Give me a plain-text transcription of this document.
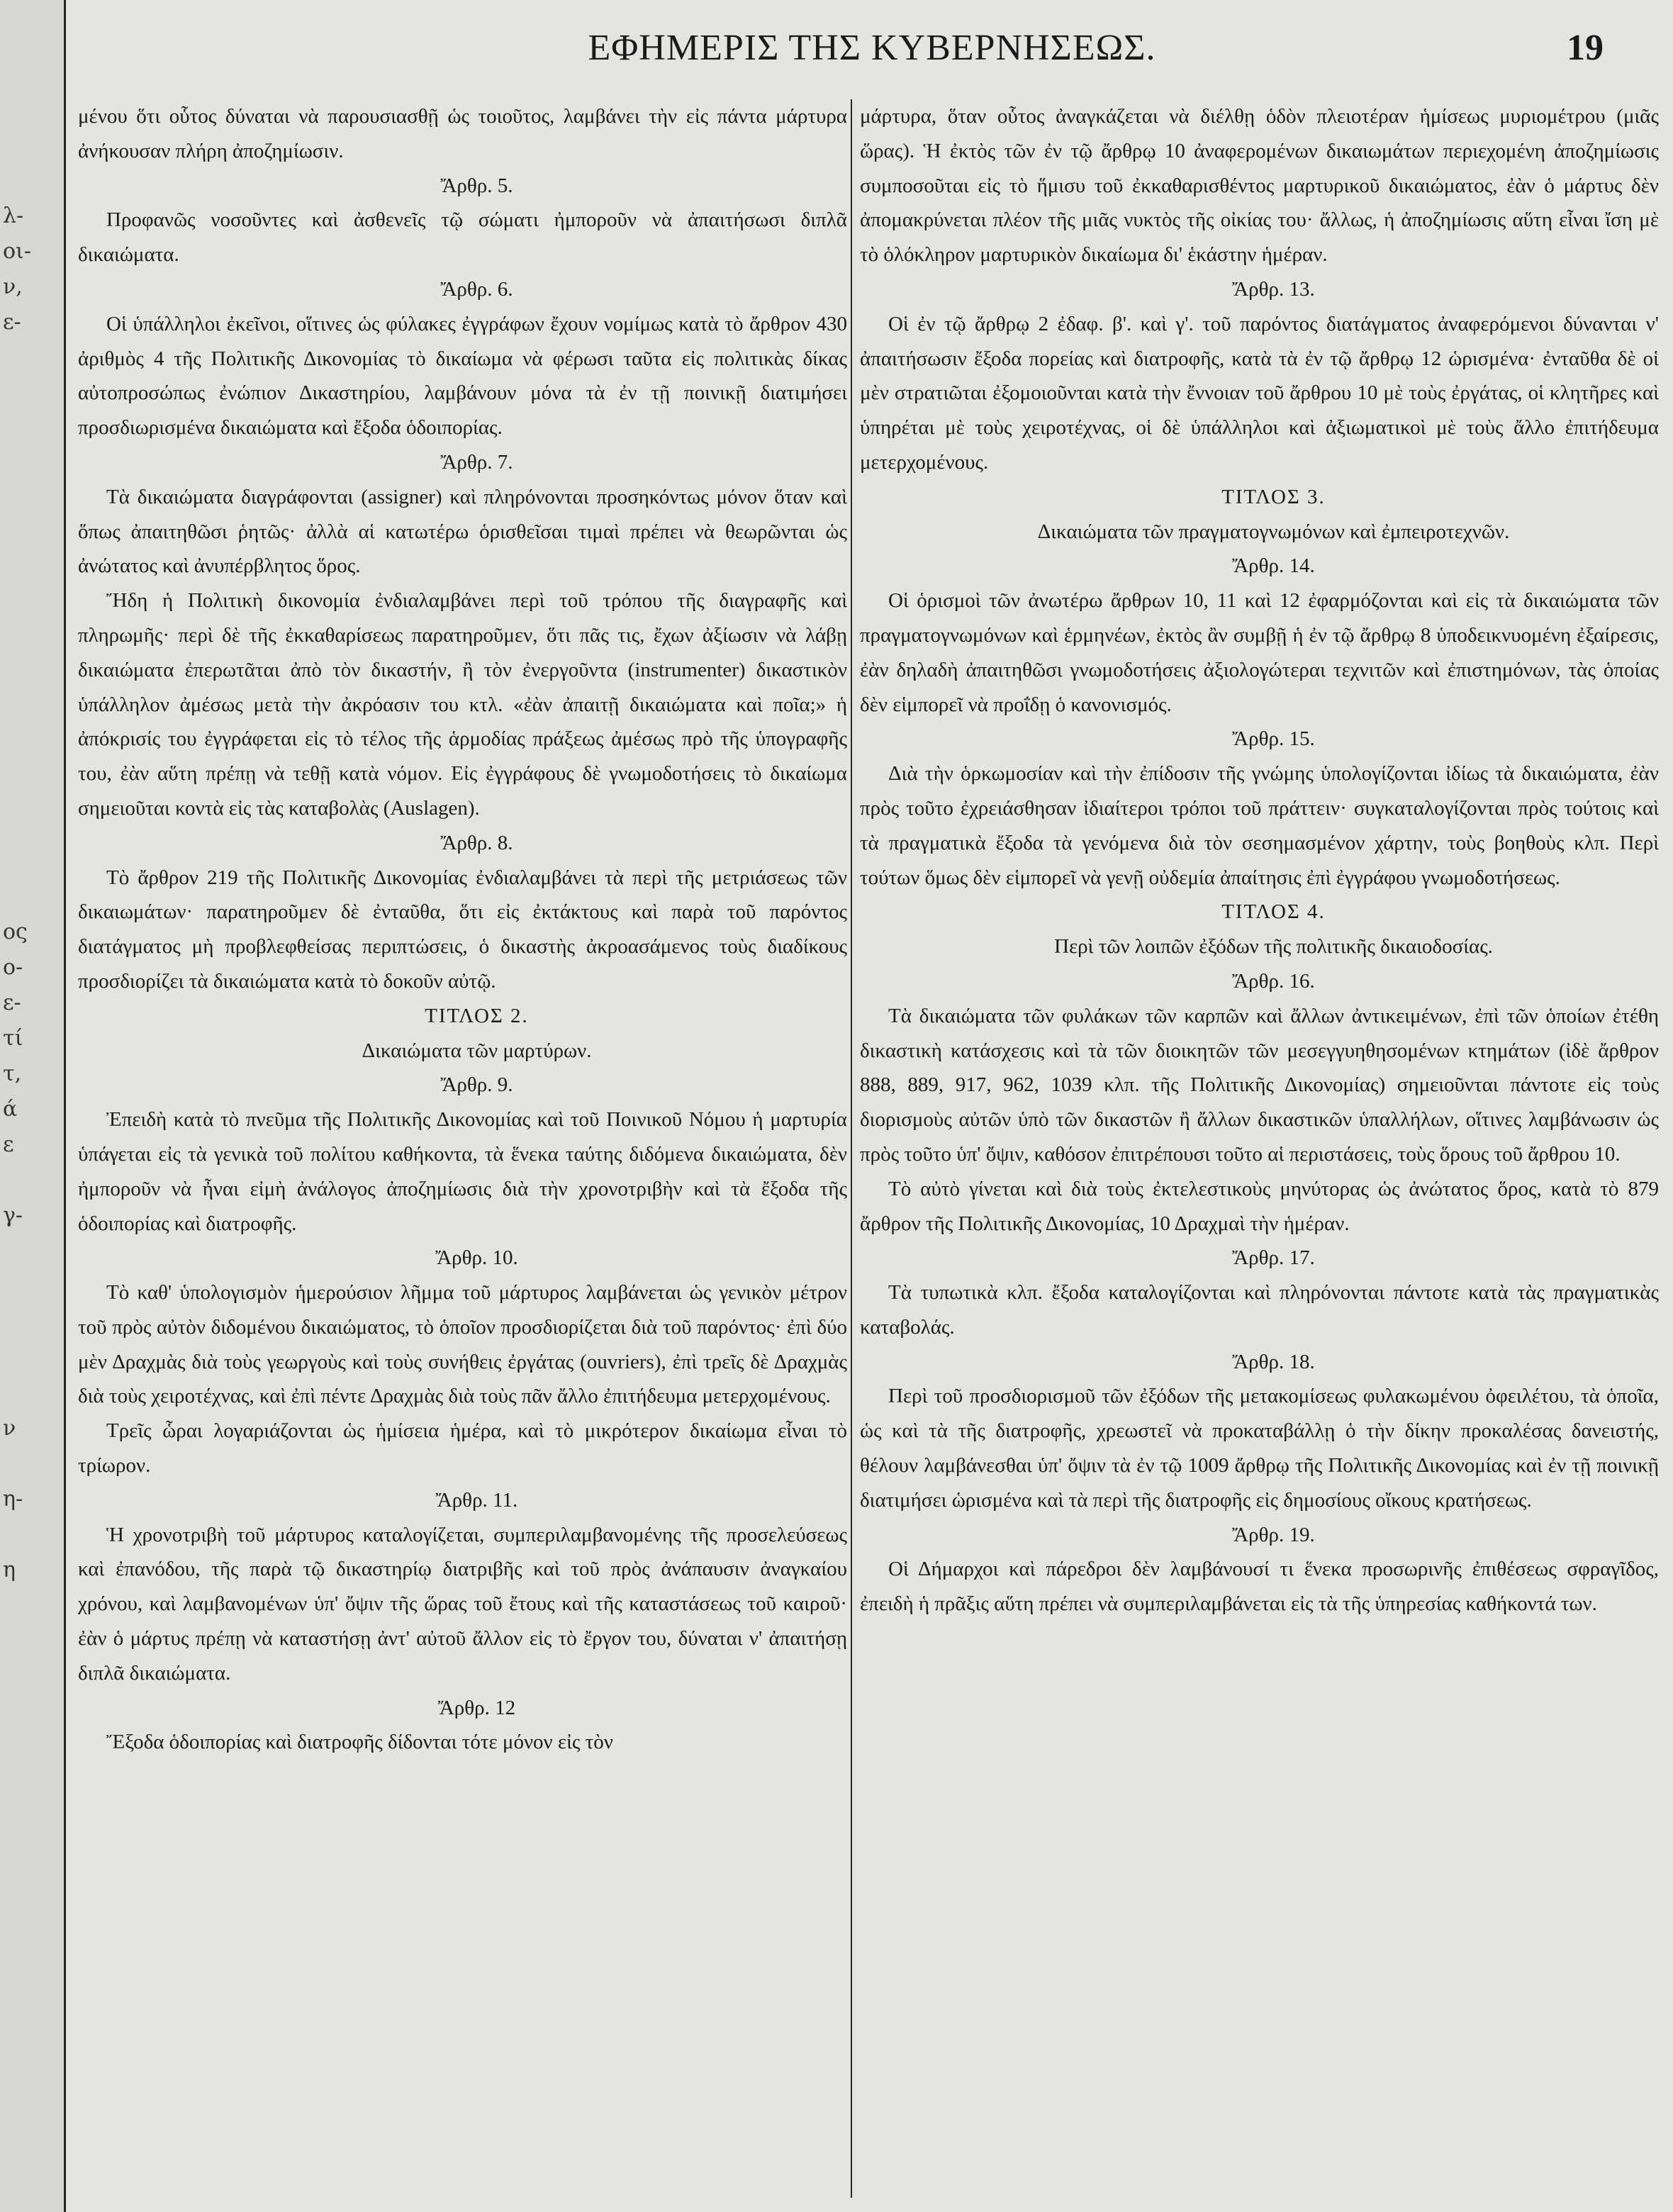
λ-
οι-
ν,
ε-
ος
ο-
ε-
τί
τ,
ά
ε
γ-
ν
η-
η
ΕΦΗΜΕΡΙΣ ΤΗΣ ΚΥΒΕΡΝΗΣΕΩΣ.	19

μένου ὅτι οὗτος δύναται νὰ παρουσιασθῇ ὡς τοιοῦτος, λαμβάνει τὴν εἰς πάντα μάρτυρα ἀνήκουσαν πλήρη ἀποζημίωσιν.

Ἄρθρ. 5.

Προφανῶς νοσοῦντες καὶ ἀσθενεῖς τῷ σώματι ἠμποροῦν νὰ ἀπαιτήσωσι διπλᾶ δικαιώματα.

Ἄρθρ. 6.

Οἱ ὑπάλληλοι ἐκεῖνοι, οἵτινες ὡς φύλακες ἐγγράφων ἔχουν νομίμως κατὰ τὸ ἄρθρον 430 ἀριθμὸς 4 τῆς Πολιτικῆς Δικονομίας τὸ δικαίωμα νὰ φέρωσι ταῦτα εἰς πολιτικὰς δίκας αὐτοπροσώπως ἐνώπιον Δικαστηρίου, λαμβάνουν μόνα τὰ ἐν τῇ ποινικῇ διατιμήσει προσδιωρισμένα δικαιώματα καὶ ἔξοδα ὁδοιπορίας.

Ἄρθρ. 7.

Τὰ δικαιώματα διαγράφονται (assigner) καὶ πληρόνονται προσηκόντως μόνον ὅταν καὶ ὅπως ἀπαιτηθῶσι ῥητῶς· ἀλλὰ αἱ κατωτέρω ὁρισθεῖσαι τιμαὶ πρέπει νὰ θεωρῶνται ὡς ἀνώτατος καὶ ἀνυπέρβλητος ὅρος.

Ἤδη ἡ Πολιτικὴ δικονομία ἐνδιαλαμβάνει περὶ τοῦ τρόπου τῆς διαγραφῆς καὶ πληρωμῆς· περὶ δὲ τῆς ἐκκαθαρίσεως παρατηροῦμεν, ὅτι πᾶς τις, ἔχων ἀξίωσιν νὰ λάβῃ δικαιώματα ἐπερωτᾶται ἀπὸ τὸν δικαστήν, ἢ τὸν ἐνεργοῦντα (instrumenter) δικαστικὸν ὑπάλληλον ἀμέσως μετὰ τὴν ἀκρόασιν του κτλ. «ἐὰν ἀπαιτῇ δικαιώματα καὶ ποῖα;» ἡ ἀπόκρισίς του ἐγγράφεται εἰς τὸ τέλος τῆς ἁρμοδίας πράξεως ἀμέσως πρὸ τῆς ὑπογραφῆς του, ἐὰν αὕτη πρέπῃ νὰ τεθῇ κατὰ νόμον. Εἰς ἐγγράφους δὲ γνωμοδοτήσεις τὸ δικαίωμα σημειοῦται κοντὰ εἰς τὰς καταβολὰς (Auslagen).

Ἄρθρ. 8.

Τὸ ἄρθρον 219 τῆς Πολιτικῆς Δικονομίας ἐνδιαλαμβάνει τὰ περὶ τῆς μετριάσεως τῶν δικαιωμάτων· παρατηροῦμεν δὲ ἐνταῦθα, ὅτι εἰς ἐκτάκτους καὶ παρὰ τοῦ παρόντος διατάγματος μὴ προβλεφθείσας περιπτώσεις, ὁ δικαστὴς ἀκροασάμενος τοὺς διαδίκους προσδιορίζει τὰ δικαιώματα κατὰ τὸ δοκοῦν αὐτῷ.

ΤΙΤΛΟΣ 2.

Δικαιώματα τῶν μαρτύρων.

Ἄρθρ. 9.

Ἐπειδὴ κατὰ τὸ πνεῦμα τῆς Πολιτικῆς Δικονομίας καὶ τοῦ Ποινικοῦ Νόμου ἡ μαρτυρία ὑπάγεται εἰς τὰ γενικὰ τοῦ πολίτου καθήκοντα, τὰ ἕνεκα ταύτης διδόμενα δικαιώματα, δὲν ἠμποροῦν νὰ ἦναι εἰμὴ ἀνάλογος ἀποζημίωσις διὰ τὴν χρονοτριβὴν καὶ τὰ ἔξοδα τῆς ὁδοιπορίας καὶ διατροφῆς.

Ἄρθρ. 10.

Τὸ καθ' ὑπολογισμὸν ἡμερούσιον λῆμμα τοῦ μάρτυρος λαμβάνεται ὡς γενικὸν μέτρον τοῦ πρὸς αὐτὸν διδομένου δικαιώματος, τὸ ὁποῖον προσδιορίζεται διὰ τοῦ παρόντος· ἐπὶ δύο μὲν Δραχμὰς διὰ τοὺς γεωργοὺς καὶ τοὺς συνήθεις ἐργάτας (ouvriers), ἐπὶ τρεῖς δὲ Δραχμὰς διὰ τοὺς χειροτέχνας, καὶ ἐπὶ πέντε Δραχμὰς διὰ τοὺς πᾶν ἄλλο ἐπιτήδευμα μετερχομένους.

Τρεῖς ὧραι λογαριάζονται ὡς ἡμίσεια ἡμέρα, καὶ τὸ μικρότερον δικαίωμα εἶναι τὸ τρίωρον.

Ἄρθρ. 11.

Ἡ χρονοτριβὴ τοῦ μάρτυρος καταλογίζεται, συμπεριλαμβανομένης τῆς προσελεύσεως καὶ ἐπανόδου, τῆς παρὰ τῷ δικαστηρίῳ διατριβῆς καὶ τοῦ πρὸς ἀνάπαυσιν ἀναγκαίου χρόνου, καὶ λαμβανομένων ὑπ' ὄψιν τῆς ὥρας τοῦ ἔτους καὶ τῆς καταστάσεως τοῦ καιροῦ· ἐὰν ὁ μάρτυς πρέπῃ νὰ καταστήσῃ ἀντ' αὐτοῦ ἄλλον εἰς τὸ ἔργον του, δύναται ν' ἀπαιτήσῃ διπλᾶ δικαιώματα.

Ἄρθρ. 12

Ἔξοδα ὁδοιπορίας καὶ διατροφῆς δίδονται τότε μόνον εἰς τὸν

μάρτυρα, ὅταν οὗτος ἀναγκάζεται νὰ διέλθῃ ὁδὸν πλειοτέραν ἡμίσεως μυριομέτρου (μιᾶς ὥρας). Ἡ ἐκτὸς τῶν ἐν τῷ ἄρθρῳ 10 ἀναφερομένων δικαιωμάτων περιεχομένη ἀποζημίωσις συμποσοῦται εἰς τὸ ἥμισυ τοῦ ἐκκαθαρισθέντος μαρτυρικοῦ δικαιώματος, ἐὰν ὁ μάρτυς δὲν ἀπομακρύνεται πλέον τῆς μιᾶς νυκτὸς τῆς οἰκίας του· ἄλλως, ἡ ἀποζημίωσις αὕτη εἶναι ἴση μὲ τὸ ὁλόκληρον μαρτυρικὸν δικαίωμα δι' ἑκάστην ἡμέραν.

Ἄρθρ. 13.

Οἱ ἐν τῷ ἄρθρῳ 2 ἐδαφ. β'. καὶ γ'. τοῦ παρόντος διατάγματος ἀναφερόμενοι δύνανται ν' ἀπαιτήσωσιν ἔξοδα πορείας καὶ διατροφῆς, κατὰ τὰ ἐν τῷ ἄρθρῳ 12 ὡρισμένα· ἐνταῦθα δὲ οἱ μὲν στρατιῶται ἐξομοιοῦνται κατὰ τὴν ἔννοιαν τοῦ ἄρθρου 10 μὲ τοὺς ἐργάτας, οἱ κλητῆρες καὶ ὑπηρέται μὲ τοὺς χειροτέχνας, οἱ δὲ ὑπάλληλοι καὶ ἀξιωματικοὶ μὲ τοὺς ἄλλο ἐπιτήδευμα μετερχομένους.

ΤΙΤΛΟΣ 3.

Δικαιώματα τῶν πραγματογνωμόνων καὶ ἐμπειροτεχνῶν.

Ἄρθρ. 14.

Οἱ ὁρισμοὶ τῶν ἀνωτέρω ἄρθρων 10, 11 καὶ 12 ἐφαρμόζονται καὶ εἰς τὰ δικαιώματα τῶν πραγματογνωμόνων καὶ ἑρμηνέων, ἐκτὸς ἂν συμβῇ ἡ ἐν τῷ ἄρθρῳ 8 ὑποδεικνυομένη ἐξαίρεσις, ἐὰν δηλαδὴ ἀπαιτηθῶσι γνωμοδοτήσεις ἀξιολογώτεραι τεχνιτῶν καὶ ἐπιστημόνων, τὰς ὁποίας δὲν εἱμπορεῖ νὰ προΐδῃ ὁ κανονισμός.

Ἄρθρ. 15.

Διὰ τὴν ὁρκωμοσίαν καὶ τὴν ἐπίδοσιν τῆς γνώμης ὑπολογίζονται ἰδίως τὰ δικαιώματα, ἐὰν πρὸς τοῦτο ἐχρειάσθησαν ἰδιαίτεροι τρόποι τοῦ πράττειν· συγκαταλογίζονται πρὸς τούτοις καὶ τὰ πραγματικὰ ἔξοδα τὰ γενόμενα διὰ τὸν σεσημασμένον χάρτην, τοὺς βοηθοὺς κλπ. Περὶ τούτων ὅμως δὲν εἱμπορεῖ νὰ γενῇ οὐδεμία ἀπαίτησις ἐπὶ ἐγγράφου γνωμοδοτήσεως.

ΤΙΤΛΟΣ 4.

Περὶ τῶν λοιπῶν ἐξόδων τῆς πολιτικῆς δικαιοδοσίας.

Ἄρθρ. 16.

Τὰ δικαιώματα τῶν φυλάκων τῶν καρπῶν καὶ ἄλλων ἀντικειμένων, ἐπὶ τῶν ὁποίων ἐτέθη δικαστικὴ κατάσχεσις καὶ τὰ τῶν διοικητῶν τῶν μεσεγγυηθησομένων κτημάτων (ἰδὲ ἄρθρον 888, 889, 917, 962, 1039 κλπ. τῆς Πολιτικῆς Δικονομίας) σημειοῦνται πάντοτε εἰς τοὺς διορισμοὺς αὐτῶν ὑπὸ τῶν δικαστῶν ἢ ἄλλων δικαστικῶν ὑπαλλήλων, οἵτινες λαμβάνωσιν ὡς πρὸς τοῦτο ὑπ' ὄψιν, καθόσον ἐπιτρέπουσι τοῦτο αἱ περιστάσεις, τοὺς ὅρους τοῦ ἄρθρου 10.

Τὸ αὐτὸ γίνεται καὶ διὰ τοὺς ἐκτελεστικοὺς μηνύτορας ὡς ἀνώτατος ὅρος, κατὰ τὸ 879 ἄρθρον τῆς Πολιτικῆς Δικονομίας, 10 Δραχμαὶ τὴν ἡμέραν.

Ἄρθρ. 17.

Τὰ τυπωτικὰ κλπ. ἔξοδα καταλογίζονται καὶ πληρόνονται πάντοτε κατὰ τὰς πραγματικὰς καταβολάς.

Ἄρθρ. 18.

Περὶ τοῦ προσδιορισμοῦ τῶν ἐξόδων τῆς μετακομίσεως φυλακωμένου ὀφειλέτου, τὰ ὁποῖα, ὡς καὶ τὰ τῆς διατροφῆς, χρεωστεῖ νὰ προκαταβάλλῃ ὁ τὴν δίκην προκαλέσας δανειστής, θέλουν λαμβάνεσθαι ὑπ' ὄψιν τὰ ἐν τῷ 1009 ἄρθρῳ τῆς Πολιτικῆς Δικονομίας καὶ ἐν τῇ ποινικῇ διατιμήσει ὡρισμένα καὶ τὰ περὶ τῆς διατροφῆς εἰς δημοσίους οἴκους κρατήσεως.

Ἄρθρ. 19.

Οἱ Δήμαρχοι καὶ πάρεδροι δὲν λαμβάνουσί τι ἕνεκα προσωρινῆς ἐπιθέσεως σφραγῖδος, ἐπειδὴ ἡ πρᾶξις αὕτη πρέπει νὰ συμπεριλαμβάνεται εἰς τὰ τῆς ὑπηρεσίας καθήκοντά των.
